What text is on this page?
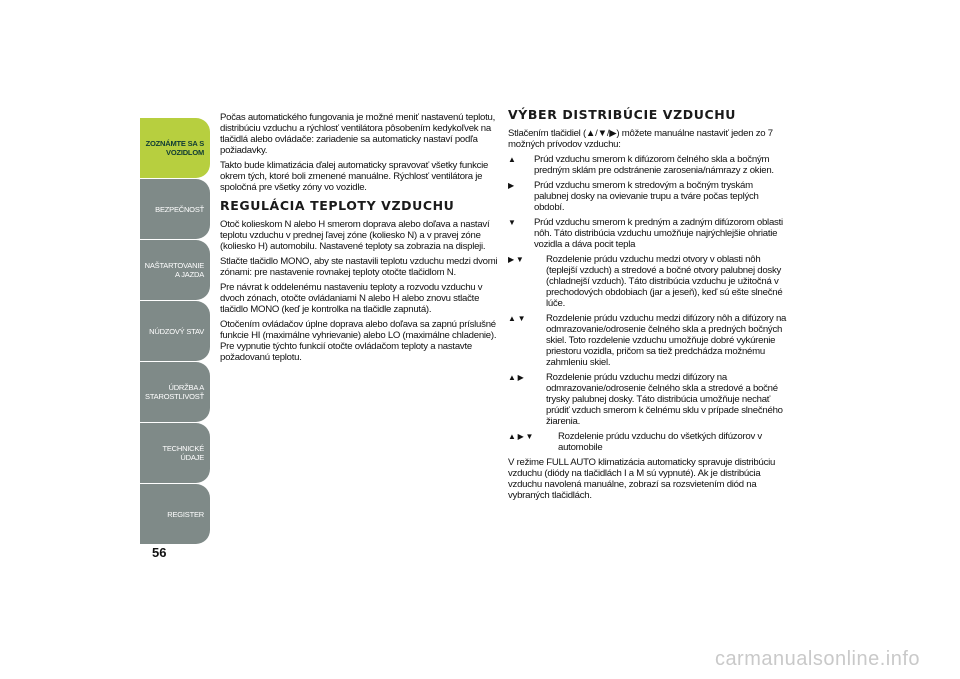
ZOZNÁMTE SA S VOZIDLOM
BEZPEČNOSŤ
NAŠTARTOVANIE A JAZDA
NÚDZOVÝ STAV
ÚDRŽBA A STAROSTLIVOSŤ
TECHNICKÉ ÚDAJE
REGISTER
56

Počas automatického fungovania je možné meniť nastavenú teplotu, distribúciu vzduchu a rýchlosť ventilátora pôsobením kedykoľvek na tlačidlá alebo ovládače: zariadenie sa automaticky nastaví podľa požiadavky.

Takto bude klimatizácia ďalej automaticky spravovať všetky funkcie okrem tých, ktoré boli zmenené manuálne. Rýchlosť ventilátora je spoločná pre všetky zóny vo vozidle.

REGULÁCIA TEPLOTY VZDUCHU

Otoč kolieskom N alebo H smerom doprava alebo doľava a nastaví teplotu vzduchu v prednej ľavej zóne (koliesko N) a v pravej zóne (koliesko H) automobilu. Nastavené teploty sa zobrazia na displeji.

Stlačte tlačidlo MONO, aby ste nastavili teplotu vzduchu medzi dvomi zónami: pre nastavenie rovnakej teploty otočte tlačidlom N.

Pre návrat k oddelenému nastaveniu teploty a rozvodu vzduchu v dvoch zónach, otočte ovládaniami N alebo H alebo znovu stlačte tlačidlo MONO (keď je kontrolka na tlačidle zapnutá).

Otočením ovládačov úplne doprava alebo doľava sa zapnú príslušné funkcie HI (maximálne vyhrievanie) alebo LO (maximálne chladenie). Pre vypnutie týchto funkcií otočte ovládačom teploty a nastavte požadovanú teplotu.

VÝBER DISTRIBÚCIE VZDUCHU

Stlačením tlačidiel (▲/▼/▶) môžete manuálne nastaviť jeden zo 7 možných prívodov vzduchu:

▲	Prúd vzduchu smerom k difúzorom čelného skla a bočným predným sklám pre odstránenie zarosenia/námrazy z okien.
▶	Prúd vzduchu smerom k stredovým a bočným tryskám palubnej dosky na ovievanie trupu a tváre počas teplých období.
▼	Prúd vzduchu smerom k predným a zadným difúzorom oblasti nôh. Táto distribúcia vzduchu umožňuje najrýchlejšie ohriatie vozidla a dáva pocit tepla
▶ ▼	Rozdelenie prúdu vzduchu medzi otvory v oblasti nôh (teplejší vzduch) a stredové a bočné otvory palubnej dosky (chladnejší vzduch). Táto distribúcia vzduchu je užitočná v prechodových obdobiach (jar a jeseň), keď sú ešte slnečné lúče.
▲ ▼	Rozdelenie prúdu vzduchu medzi difúzory nôh a difúzory na odmrazovanie/odrosenie čelného skla a predných bočných skiel. Toto rozdelenie vzduchu umožňuje dobré vykúrenie priestoru vozidla, pričom sa tiež predchádza možnému zahmleniu skiel.
▲ ▶	Rozdelenie prúdu vzduchu medzi difúzory na odmrazovanie/odrosenie čelného skla a stredové a bočné trysky palubnej dosky. Táto distribúcia umožňuje nechať prúdiť vzduch smerom k čelnému sklu v prípade slnečného žiarenia.
▲ ▶ ▼	Rozdelenie prúdu vzduchu do všetkých difúzorov v automobile

V režime FULL AUTO klimatizácia automaticky spravuje distribúciu vzduchu (diódy na tlačidlách I a M sú vypnuté). Ak je distribúcia vzduchu navolená manuálne, zobrazí sa rozsvietením diód na vybraných tlačidlách.

carmanualsonline.info
